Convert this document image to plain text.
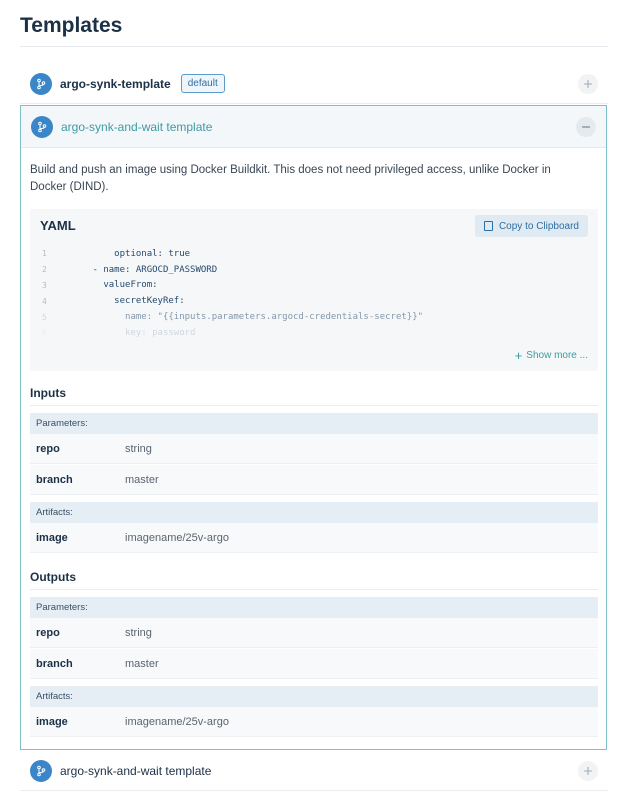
Templates
argo-synk-template	default
argo-synk-and-wait template
Build and push an image using Docker Buildkit. This does not need privileged access, unlike Docker in Docker (DIND).
YAML	Copy to Clipboard
1	optional: true
2	- name: ARGOCD_PASSWORD
3	valueFrom:
4	secretKeyRef:
5	name: "{{inputs.parameters.argocd-credentials-secret}}"
6	key: password
+ Show more ...
Inputs
Parameters:
repo	string
branch	master
Artifacts:
image	imagename/25v-argo
Outputs
Parameters:
repo	string
branch	master
Artifacts:
image	imagename/25v-argo
argo-synk-and-wait template
